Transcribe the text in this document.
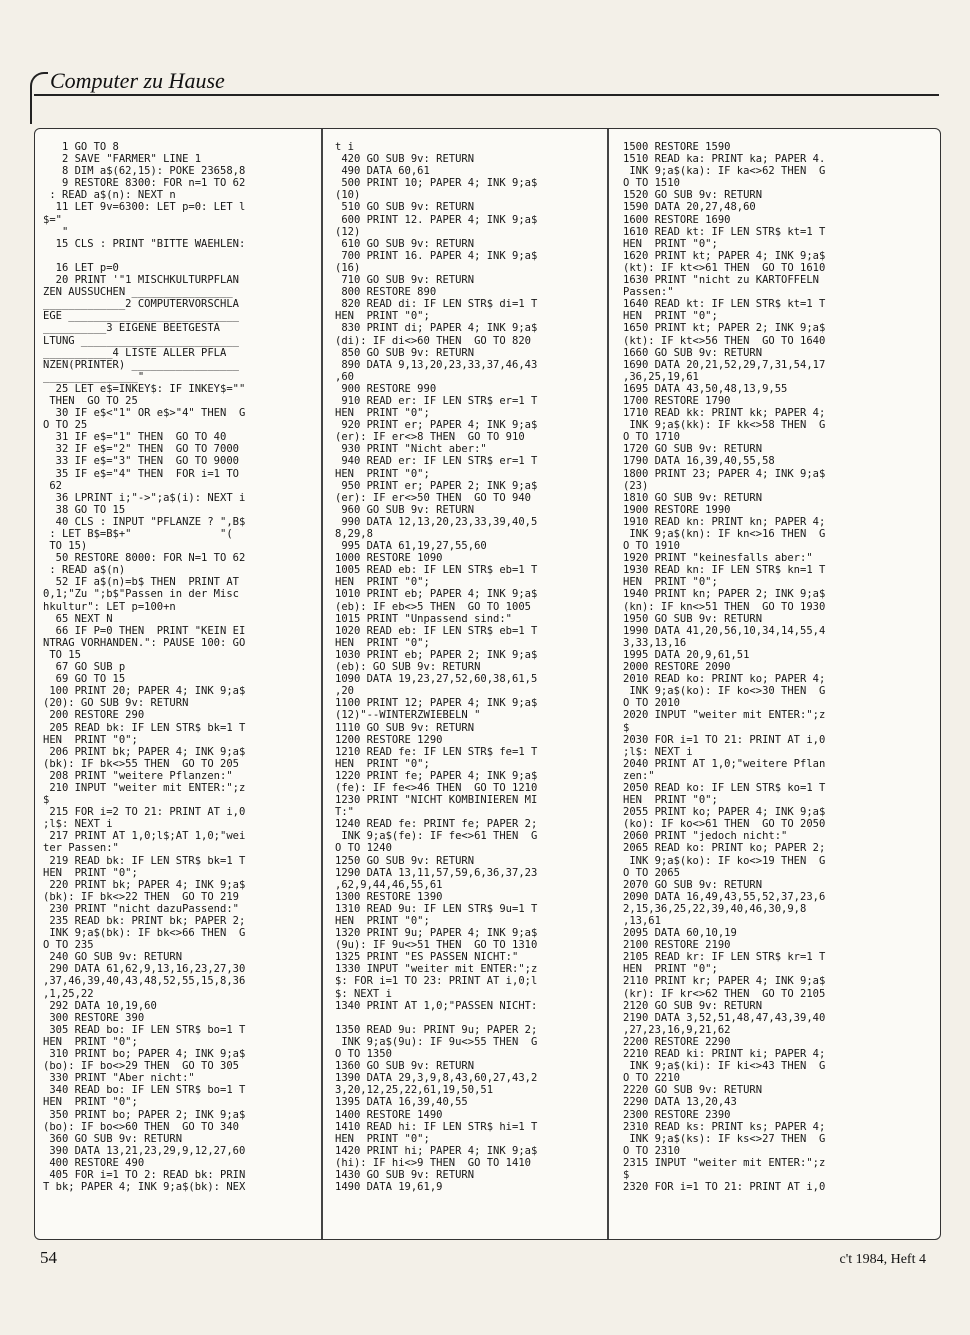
Computer zu Hause
1 GO TO 8
2 SAVE "FARMER" LINE 1
8 DIM a$(62,15): POKE 23658,8
9 RESTORE 8300: FOR n=1 TO 62
: READ a$(n): NEXT n
11 LET 9v=6300: LET p=0: LET l
$="
"
15 CLS : PRINT "BITTE WAEHLEN:

16 LET p=0
20 PRINT '"1 MISCHKULTURPFLAN
ZEN AUSSUCHEN ________________
_____________2 COMPUTERVORSCHLA
EGE ___________________________
__________3 EIGENE BEETGESTA
LTUNG _________________________
___________4 LISTE ALLER PFLA
NZEN(PRINTER) _________________
_______________"
25 LET e$=INKEY$: IF INKEY$=""
THEN  GO TO 25
30 IF e$<"1" OR e$>"4" THEN  G
O TO 25
31 IF e$="1" THEN  GO TO 40
32 IF e$="2" THEN  GO TO 7000
33 IF e$="3" THEN  GO TO 9000
35 IF e$="4" THEN  FOR i=1 TO
62
36 LPRINT i;"->";a$(i): NEXT i
38 GO TO 15
40 CLS : INPUT "PFLANZE ? ",B$
: LET B$=B$+"              "(
TO 15)
50 RESTORE 8000: FOR N=1 TO 62
: READ a$(n)
52 IF a$(n)=b$ THEN  PRINT AT
0,1;"Zu ";b$"Passen in der Misc
hkultur": LET p=100+n
65 NEXT N
66 IF P=0 THEN  PRINT "KEIN EI
NTRAG VORHANDEN.": PAUSE 100: GO
TO 15
67 GO SUB p
69 GO TO 15
100 PRINT 20; PAPER 4; INK 9;a$
(20): GO SUB 9v: RETURN
200 RESTORE 290
205 READ bk: IF LEN STR$ bk=1 T
HEN  PRINT "0";
206 PRINT bk; PAPER 4; INK 9;a$
(bk): IF bk<>55 THEN  GO TO 205
208 PRINT "weitere Pflanzen:"
210 INPUT "weiter mit ENTER:";z
$
215 FOR i=2 TO 21: PRINT AT i,0
;l$: NEXT i
217 PRINT AT 1,0;l$;AT 1,0;"wei
ter Passen:"
219 READ bk: IF LEN STR$ bk=1 T
HEN  PRINT "0";
220 PRINT bk; PAPER 4; INK 9;a$
(bk): IF bk<>22 THEN  GO TO 219
230 PRINT "nicht dazuPassend:"
235 READ bk: PRINT bk; PAPER 2;
INK 9;a$(bk): IF bk<>66 THEN  G
O TO 235
240 GO SUB 9v: RETURN
290 DATA 61,62,9,13,16,23,27,30
,37,46,39,40,43,48,52,55,15,8,36
,1,25,22
292 DATA 10,19,60
300 RESTORE 390
305 READ bo: IF LEN STR$ bo=1 T
HEN  PRINT "0";
310 PRINT bo; PAPER 4; INK 9;a$
(bo): IF bo<>29 THEN  GO TO 305
330 PRINT "Aber nicht:"
340 READ bo: IF LEN STR$ bo=1 T
HEN  PRINT "0";
350 PRINT bo; PAPER 2; INK 9;a$
(bo): IF bo<>60 THEN  GO TO 340
360 GO SUB 9v: RETURN
390 DATA 13,21,23,29,9,12,27,60
400 RESTORE 490
405 FOR i=1 TO 2: READ bk: PRIN
T bk; PAPER 4; INK 9;a$(bk): NEX
t i
420 GO SUB 9v: RETURN
490 DATA 60,61
500 PRINT 10; PAPER 4; INK 9;a$
(10)
510 GO SUB 9v: RETURN
600 PRINT 12. PAPER 4; INK 9;a$
(12)
610 GO SUB 9v: RETURN
700 PRINT 16. PAPER 4; INK 9;a$
(16)
710 GO SUB 9v: RETURN
800 RESTORE 890
820 READ di: IF LEN STR$ di=1 T
HEN  PRINT "0";
830 PRINT di; PAPER 4; INK 9;a$
(di): IF di<>60 THEN  GO TO 820
850 GO SUB 9v: RETURN
890 DATA 9,13,20,23,33,37,46,43
,60
900 RESTORE 990
910 READ er: IF LEN STR$ er=1 T
HEN  PRINT "0";
920 PRINT er; PAPER 4; INK 9;a$
(er): IF er<>8 THEN  GO TO 910
930 PRINT "Nicht aber:"
940 READ er: IF LEN STR$ er=1 T
HEN  PRINT "0";
950 PRINT er; PAPER 2; INK 9;a$
(er): IF er<>50 THEN  GO TO 940
960 GO SUB 9v: RETURN
990 DATA 12,13,20,23,33,39,40,5
8,29,8
995 DATA 61,19,27,55,60
1000 RESTORE 1090
1005 READ eb: IF LEN STR$ eb=1 T
HEN  PRINT "0";
1010 PRINT eb; PAPER 4; INK 9;a$
(eb): IF eb<>5 THEN  GO TO 1005
1015 PRINT "Unpassend sind:"
1020 READ eb: IF LEN STR$ eb=1 T
HEN  PRINT "0";
1030 PRINT eb; PAPER 2; INK 9;a$
(eb): GO SUB 9v: RETURN
1090 DATA 19,23,27,52,60,38,61,5
,20
1100 PRINT 12; PAPER 4; INK 9;a$
(12)"--WINTERZWIEBELN "
1110 GO SUB 9v: RETURN
1200 RESTORE 1290
1210 READ fe: IF LEN STR$ fe=1 T
HEN  PRINT "0";
1220 PRINT fe; PAPER 4; INK 9;a$
(fe): IF fe<>46 THEN  GO TO 1210
1230 PRINT "NICHT KOMBINIEREN MI
T:"
1240 READ fe: PRINT fe; PAPER 2;
INK 9;a$(fe): IF fe<>61 THEN  G
O TO 1240
1250 GO SUB 9v: RETURN
1290 DATA 13,11,57,59,6,36,37,23
,62,9,44,46,55,61
1300 RESTORE 1390
1310 READ 9u: IF LEN STR$ 9u=1 T
HEN  PRINT "0";
1320 PRINT 9u; PAPER 4; INK 9;a$
(9u): IF 9u<>51 THEN  GO TO 1310
1325 PRINT "ES PASSEN NICHT:"
1330 INPUT "weiter mit ENTER:";z
$: FOR i=1 TO 23: PRINT AT i,0;l
$: NEXT i
1340 PRINT AT 1,0;"PASSEN NICHT:

1350 READ 9u: PRINT 9u; PAPER 2;
INK 9;a$(9u): IF 9u<>55 THEN  G
O TO 1350
1360 GO SUB 9v: RETURN
1390 DATA 29,3,9,8,43,60,27,43,2
3,20,12,25,22,61,19,50,51
1395 DATA 16,39,40,55
1400 RESTORE 1490
1410 READ hi: IF LEN STR$ hi=1 T
HEN  PRINT "0";
1420 PRINT hi; PAPER 4; INK 9;a$
(hi): IF hi<>9 THEN  GO TO 1410
1430 GO SUB 9v: RETURN
1490 DATA 19,61,9
1500 RESTORE 1590
1510 READ ka: PRINT ka; PAPER 4.
INK 9;a$(ka): IF ka<>62 THEN  G
O TO 1510
1520 GO SUB 9v: RETURN
1590 DATA 20,27,48,60
1600 RESTORE 1690
1610 READ kt: IF LEN STR$ kt=1 T
HEN  PRINT "0";
1620 PRINT kt; PAPER 4; INK 9;a$
(kt): IF kt<>61 THEN  GO TO 1610
1630 PRINT "nicht zu KARTOFFELN
Passen:"
1640 READ kt: IF LEN STR$ kt=1 T
HEN  PRINT "0";
1650 PRINT kt; PAPER 2; INK 9;a$
(kt): IF kt<>56 THEN  GO TO 1640
1660 GO SUB 9v: RETURN
1690 DATA 20,21,52,29,7,31,54,17
,36,25,19,61
1695 DATA 43,50,48,13,9,55
1700 RESTORE 1790
1710 READ kk: PRINT kk; PAPER 4;
INK 9;a$(kk): IF kk<>58 THEN  G
O TO 1710
1720 GO SUB 9v: RETURN
1790 DATA 16,39,40,55,58
1800 PRINT 23; PAPER 4; INK 9;a$
(23)
1810 GO SUB 9v: RETURN
1900 RESTORE 1990
1910 READ kn: PRINT kn; PAPER 4;
INK 9;a$(kn): IF kn<>16 THEN  G
O TO 1910
1920 PRINT "keinesfalls aber:"
1930 READ kn: IF LEN STR$ kn=1 T
HEN  PRINT "0";
1940 PRINT kn; PAPER 2; INK 9;a$
(kn): IF kn<>51 THEN  GO TO 1930
1950 GO SUB 9v: RETURN
1990 DATA 41,20,56,10,34,14,55,4
3,33,13,16
1995 DATA 20,9,61,51
2000 RESTORE 2090
2010 READ ko: PRINT ko; PAPER 4;
INK 9;a$(ko): IF ko<>30 THEN  G
O TO 2010
2020 INPUT "weiter mit ENTER:";z
$
2030 FOR i=1 TO 21: PRINT AT i,0
;l$: NEXT i
2040 PRINT AT 1,0;"weitere Pflan
zen:"
2050 READ ko: IF LEN STR$ ko=1 T
HEN  PRINT "0";
2055 PRINT ko; PAPER 4; INK 9;a$
(ko): IF ko<>61 THEN  GO TO 2050
2060 PRINT "jedoch nicht:"
2065 READ ko: PRINT ko; PAPER 2;
INK 9;a$(ko): IF ko<>19 THEN  G
O TO 2065
2070 GO SUB 9v: RETURN
2090 DATA 16,49,43,55,52,37,23,6
2,15,36,25,22,39,40,46,30,9,8
,13,61
2095 DATA 60,10,19
2100 RESTORE 2190
2105 READ kr: IF LEN STR$ kr=1 T
HEN  PRINT "0";
2110 PRINT kr; PAPER 4; INK 9;a$
(kr): IF kr<>62 THEN  GO TO 2105
2120 GO SUB 9v: RETURN
2190 DATA 3,52,51,48,47,43,39,40
,27,23,16,9,21,62
2200 RESTORE 2290
2210 READ ki: PRINT ki; PAPER 4;
INK 9;a$(ki): IF ki<>43 THEN  G
O TO 2210
2220 GO SUB 9v: RETURN
2290 DATA 13,20,43
2300 RESTORE 2390
2310 READ ks: PRINT ks; PAPER 4;
INK 9;a$(ks): IF ks<>27 THEN  G
O TO 2310
2315 INPUT "weiter mit ENTER:";z
$
2320 FOR i=1 TO 21: PRINT AT i,0
54	c't 1984, Heft 4
